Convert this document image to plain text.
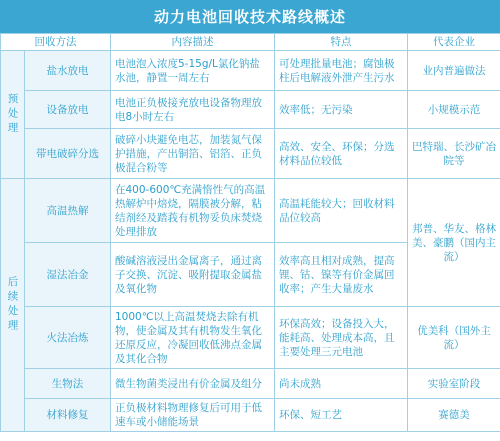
动力电池回收技术路线概述
回收方法		内容描述	特点	代表企业
预处理	盐水放电	电池泡入浓度5-15g/L氯化钠盐水池，静置一周左右	可处理批量电池；腐蚀极柱后电解液外泄产生污水	业内普遍做法
	设备放电	电池正负极接充放电设备物理放电8小时左右	效率低；无污染	小规模示范
	带电破碎分选	破碎小块避免电芯，加装氮气保护措施，产出铜箔、铝箔、正负极混合粉等	高效、安全、环保；分选材料品位较低	巴特瑞、长沙矿冶院等
后续处理	高温热解	在400-600℃充满惰性气的高温热解炉中焙烧，隔膜被分解，粘结剂经及踏莪有机物妥负床焚烧处理排放	高温耗能较大；回收材料品位较高	邦普、华友、格林美、豪鹏（国内主流）
	湿法冶金	酸碱溶液浸出金属离子，通过离子交换、沉淀、吸附提取金属盐及氧化物	效率高且相对成熟，提高锂、钴、镍等有价金属回收率；产生大量废水	
	火法冶炼	1000℃以上高温焚烧去除有机物，使金属及其有机物发生氧化还原反应，冷凝回收低沸点金属及其化合物	环保高效；设备投入大，能耗高、处理成本高，且主要处理三元电池	优美科（国外主流）
	生物法	微生物菌类浸出有价金属及组分	尚未成熟	实验室阶段
	材料修复	正负极材料物理修复后可用于低速车或小储能场景	环保、短工艺	赛德美
